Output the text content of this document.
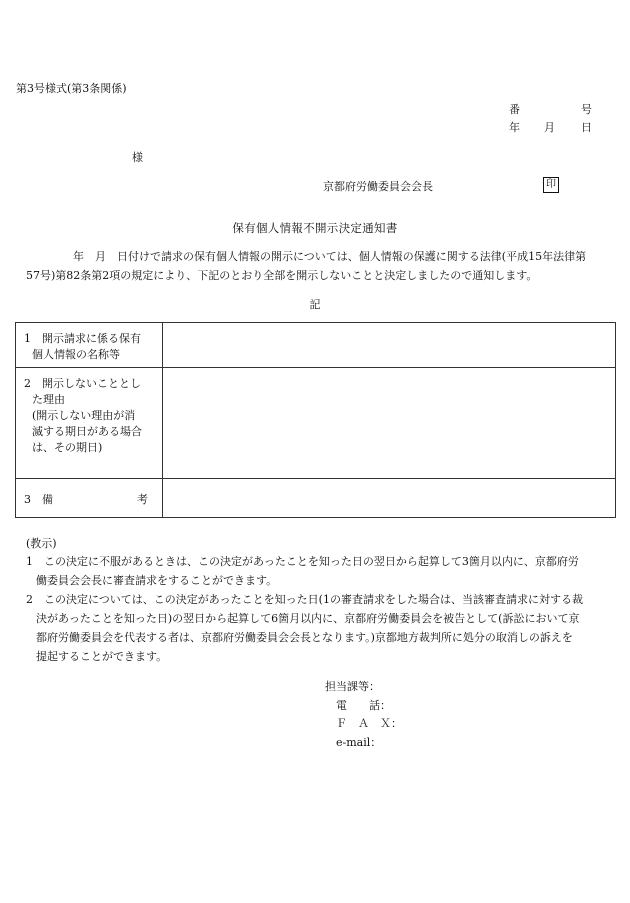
第3号様式(第3条関係)
番	号
年 月 日
様
京都府労働委員会会長	印
保有個人情報不開示決定通知書
年　月　日付けで請求の保有個人情報の開示については、個人情報の保護に関する法律(平成15年法律第
57号)第82条第2項の規定により、下記のとおり全部を開示しないことと決定しましたので通知します。
記
1　開示請求に係る保有
個人情報の名称等	

2　開示しないこととし
た理由
(開示しない理由が消
滅する期日がある場合
は、その期日)	

3　備 考	

(教示)
1　この決定に不服があるときは、この決定があったことを知った日の翌日から起算して3箇月以内に、京都府労
働委員会会長に審査請求をすることができます。
2　この決定については、この決定があったことを知った日(1の審査請求をした場合は、当該審査請求に対する裁
決があったことを知った日)の翌日から起算して6箇月以内に、京都府労働委員会を被告として(訴訟において京
都府労働委員会を代表する者は、京都府労働委員会会長となります。)京都地方裁判所に処分の取消しの訴えを
提起することができます。
担当課等：
電　　話：
Ｆ　Ａ　Ｘ：
e-mail：
